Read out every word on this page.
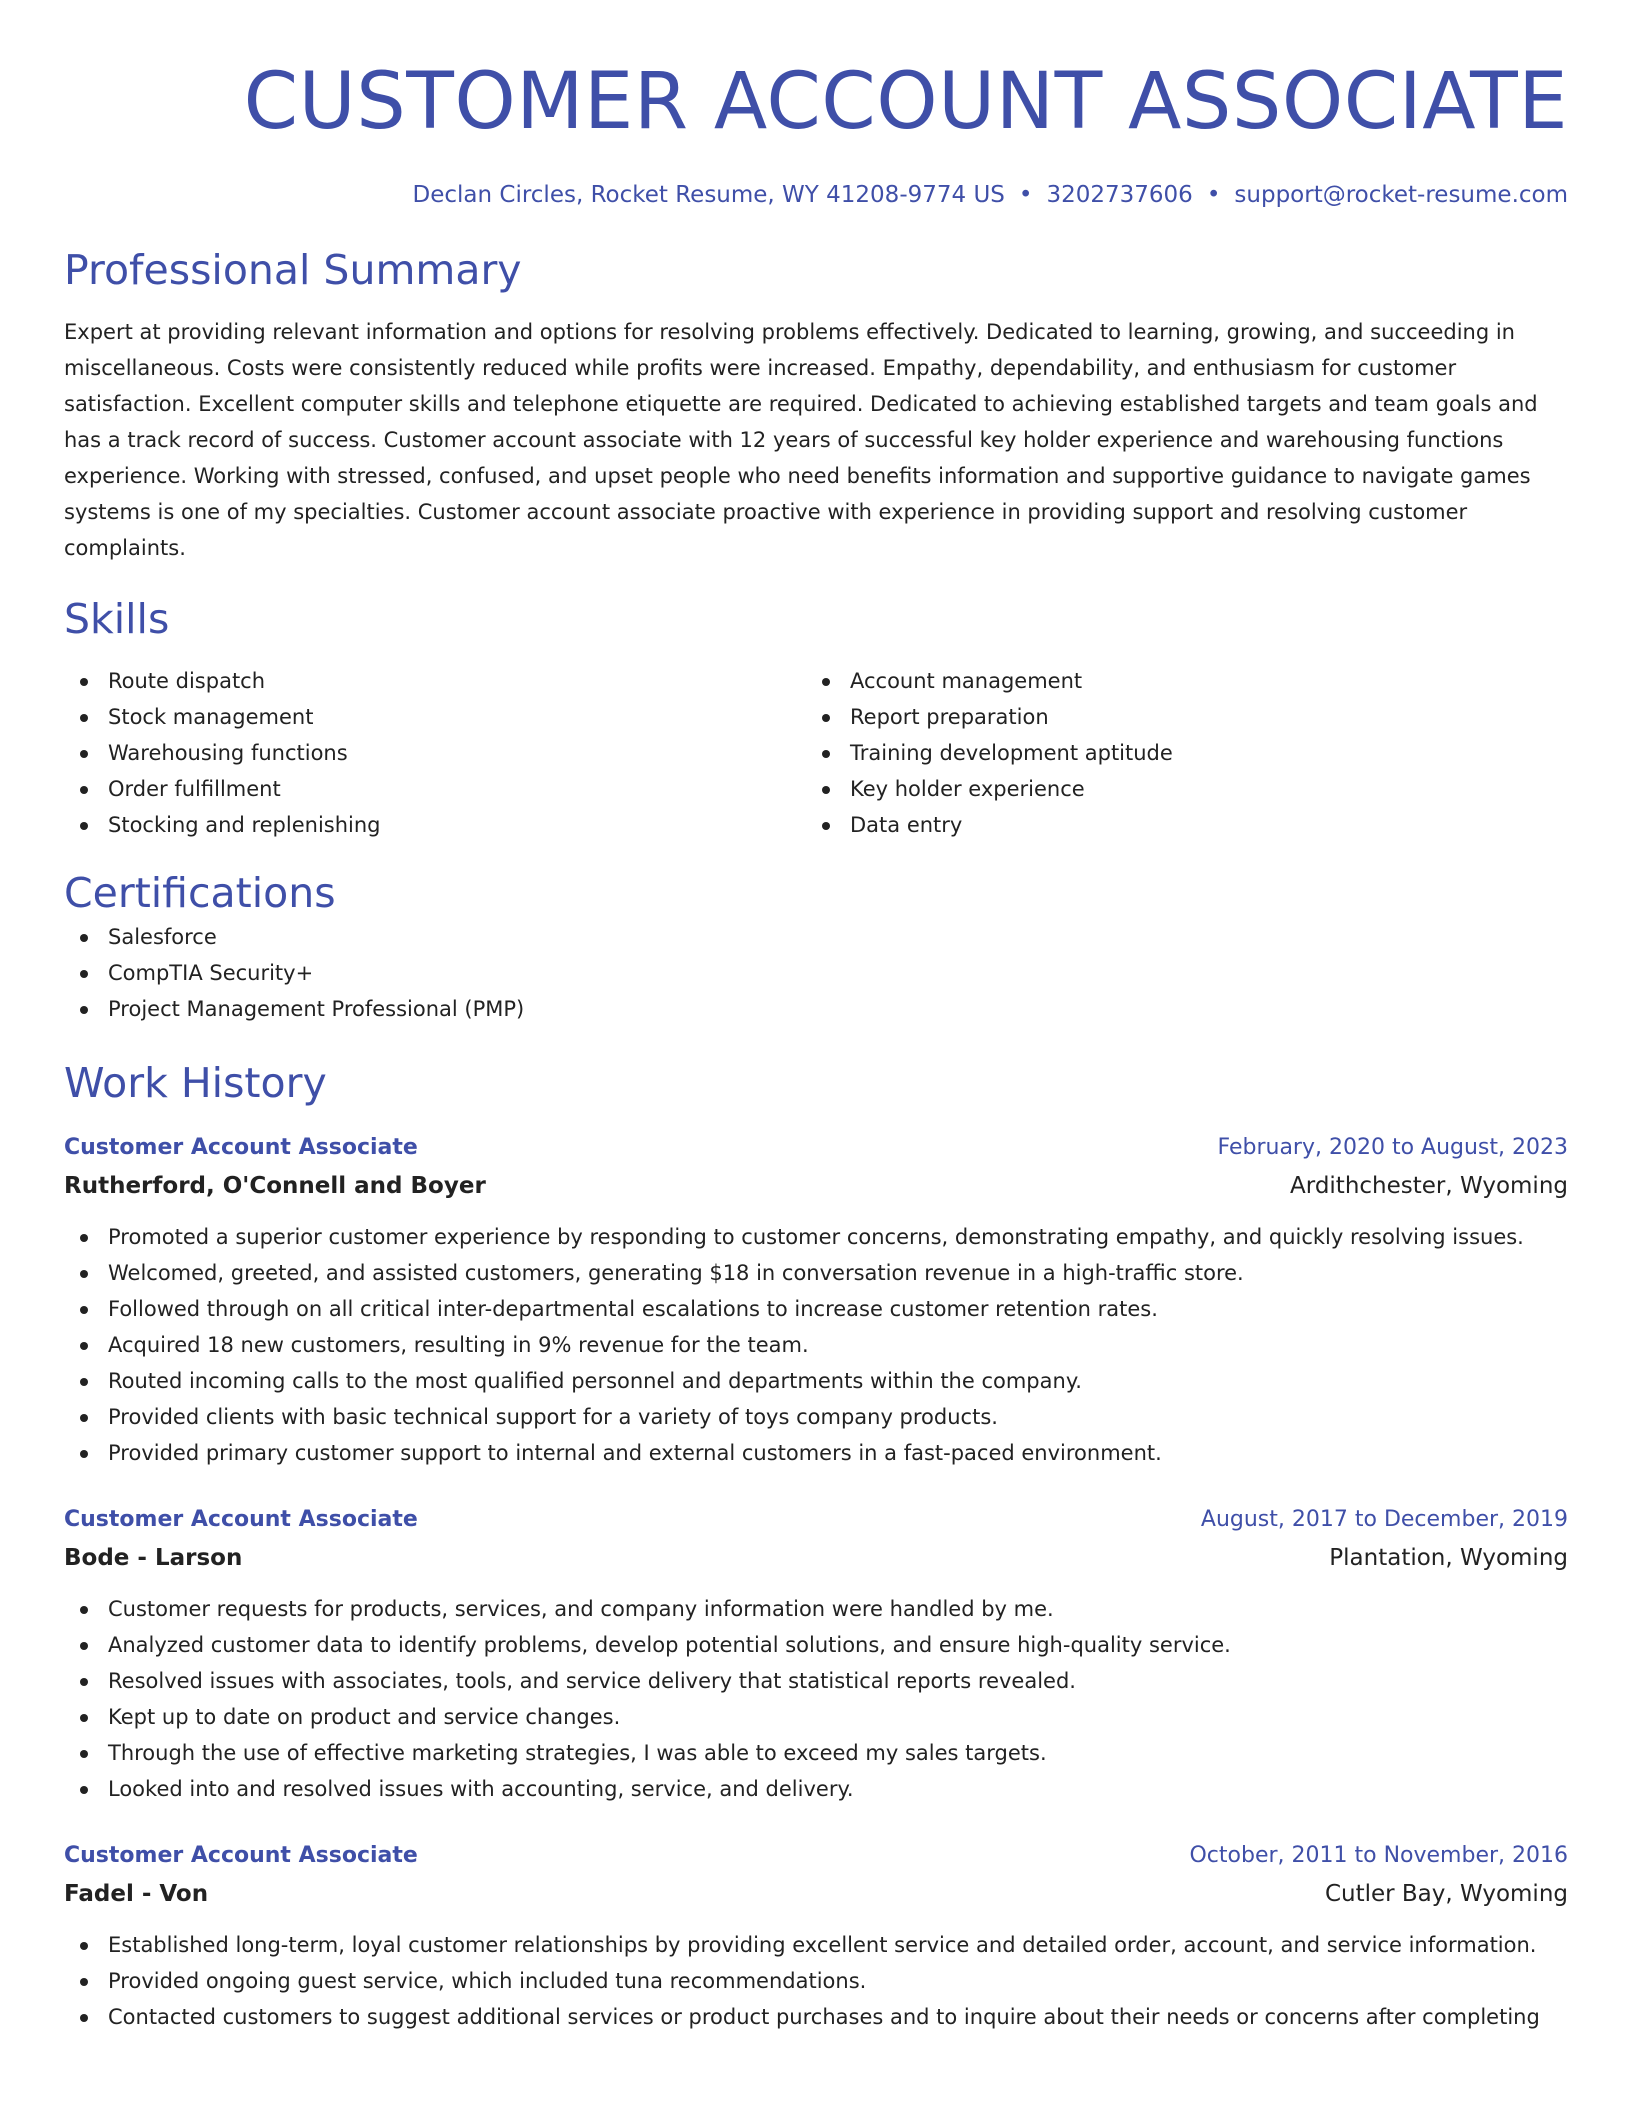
CUSTOMER ACCOUNT ASSOCIATE
Declan Circles, Rocket Resume, WY 41208-9774 US • 3202737606 • support@rocket-resume.com
Professional Summary
Expert at providing relevant information and options for resolving problems effectively. Dedicated to learning, growing, and succeeding in miscellaneous. Costs were consistently reduced while profits were increased. Empathy, dependability, and enthusiasm for customer satisfaction. Excellent computer skills and telephone etiquette are required. Dedicated to achieving established targets and team goals and has a track record of success. Customer account associate with 12 years of successful key holder experience and warehousing functions experience. Working with stressed, confused, and upset people who need benefits information and supportive guidance to navigate games systems is one of my specialties. Customer account associate proactive with experience in providing support and resolving customer complaints.
Skills
Route dispatch
Stock management
Warehousing functions
Order fulfillment
Stocking and replenishing
Account management
Report preparation
Training development aptitude
Key holder experience
Data entry
Certifications
Salesforce
CompTIA Security+
Project Management Professional (PMP)
Work History
Customer Account Associate	February, 2020 to August, 2023
Rutherford, O'Connell and Boyer	Ardithchester, Wyoming
Promoted a superior customer experience by responding to customer concerns, demonstrating empathy, and quickly resolving issues.
Welcomed, greeted, and assisted customers, generating $18 in conversation revenue in a high-traffic store.
Followed through on all critical inter-departmental escalations to increase customer retention rates.
Acquired 18 new customers, resulting in 9% revenue for the team.
Routed incoming calls to the most qualified personnel and departments within the company.
Provided clients with basic technical support for a variety of toys company products.
Provided primary customer support to internal and external customers in a fast-paced environment.
Customer Account Associate	August, 2017 to December, 2019
Bode - Larson	Plantation, Wyoming
Customer requests for products, services, and company information were handled by me.
Analyzed customer data to identify problems, develop potential solutions, and ensure high-quality service.
Resolved issues with associates, tools, and service delivery that statistical reports revealed.
Kept up to date on product and service changes.
Through the use of effective marketing strategies, I was able to exceed my sales targets.
Looked into and resolved issues with accounting, service, and delivery.
Customer Account Associate	October, 2011 to November, 2016
Fadel - Von	Cutler Bay, Wyoming
Established long-term, loyal customer relationships by providing excellent service and detailed order, account, and service information.
Provided ongoing guest service, which included tuna recommendations.
Contacted customers to suggest additional services or product purchases and to inquire about their needs or concerns after completing
